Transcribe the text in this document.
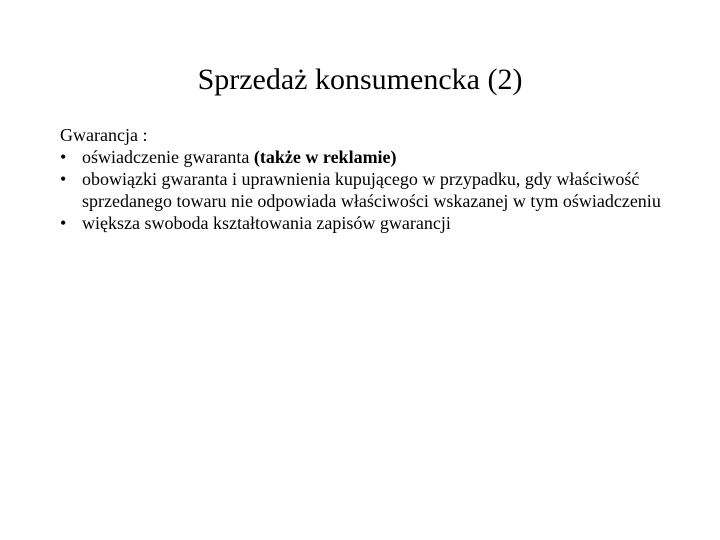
Sprzedaż konsumencka (2)
Gwarancja :
• oświadczenie gwaranta (także w reklamie)
• obowiązki gwaranta i uprawnienia kupującego w przypadku, gdy właściwość sprzedanego towaru nie odpowiada właściwości wskazanej w tym oświadczeniu
• większa swoboda kształtowania zapisów gwarancji
